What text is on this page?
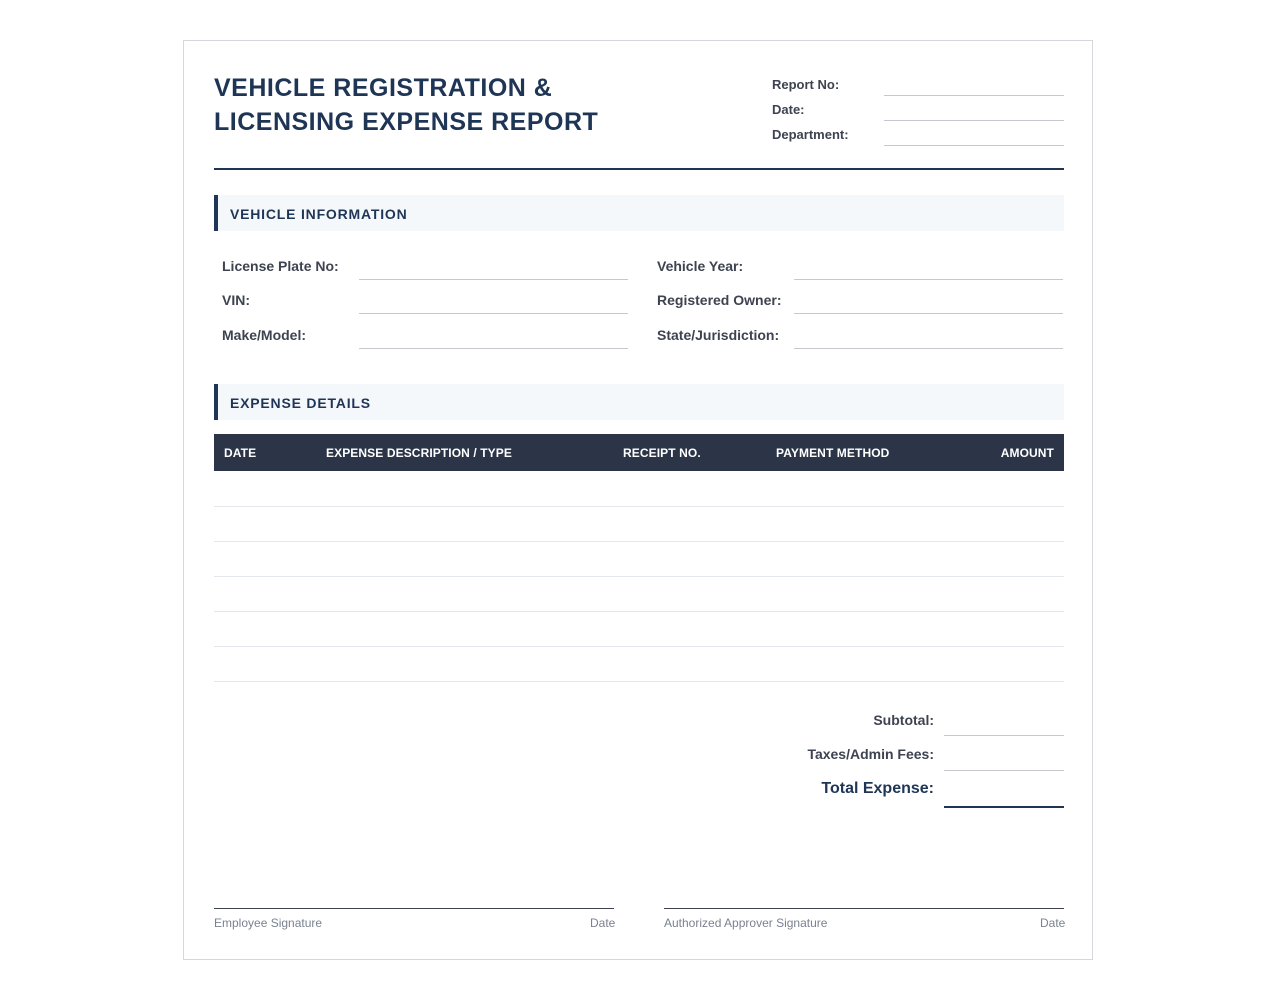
VEHICLE REGISTRATION &
LICENSING EXPENSE REPORT
Report No:
Date:
Department:
VEHICLE INFORMATION
License Plate No:
VIN:
Make/Model:
Vehicle Year:
Registered Owner:
State/Jurisdiction:
EXPENSE DETAILS
DATE	EXPENSE DESCRIPTION / TYPE	RECEIPT NO.	PAYMENT METHOD	AMOUNT
Subtotal:
Taxes/Admin Fees:
Total Expense:
Employee Signature	Date	Authorized Approver Signature	Date
